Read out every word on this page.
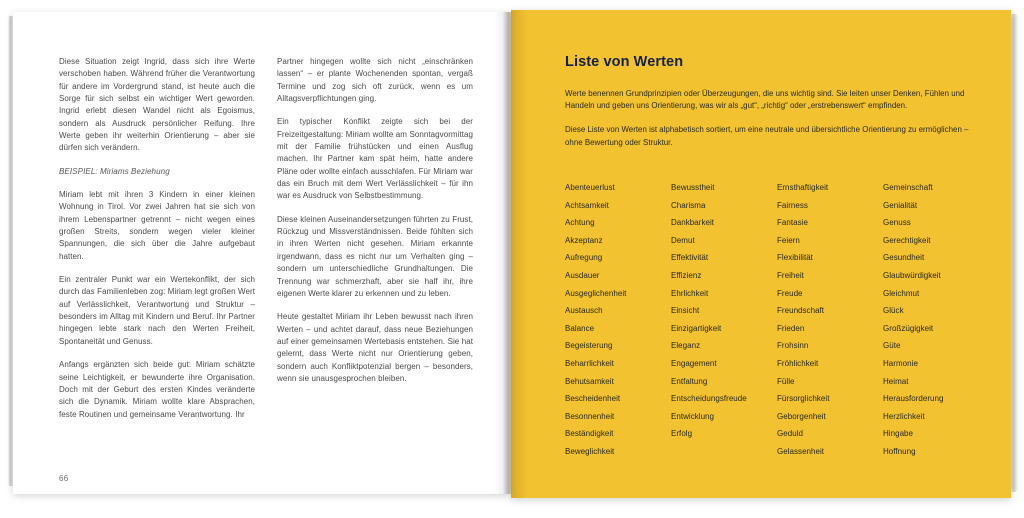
Diese Situation zeigt Ingrid, dass sich ihre Werte verschoben haben. Während früher die Verantwortung für andere im Vordergrund stand, ist heute auch die Sorge für sich selbst ein wichtiger Wert geworden. Ingrid erlebt diesen Wandel nicht als Egoismus, sondern als Ausdruck persönlicher Reifung. Ihre Werte geben ihr weiterhin Orientierung – aber sie dürfen sich verändern.

BEISPIEL: Miriams Beziehung

Miriam lebt mit ihren 3 Kindern in einer kleinen Wohnung in Tirol. Vor zwei Jahren hat sie sich von ihrem Lebenspartner getrennt – nicht wegen eines großen Streits, sondern wegen vieler kleiner Spannungen, die sich über die Jahre aufgebaut hatten.

Ein zentraler Punkt war ein Wertekonflikt, der sich durch das Familienleben zog: Miriam legt großen Wert auf Verlässlichkeit, Verantwortung und Struktur – besonders im Alltag mit Kindern und Beruf. Ihr Partner hingegen lebte stark nach den Werten Freiheit, Spontaneität und Genuss.

Anfangs ergänzten sich beide gut: Miriam schätzte seine Leichtigkeit, er bewunderte ihre Organisation. Doch mit der Geburt des ersten Kindes veränderte sich die Dynamik. Miriam wollte klare Absprachen, feste Routinen und gemeinsame Verantwortung. Ihr

Partner hingegen wollte sich nicht „einschränken lassen“ – er plante Wochenenden spontan, vergaß Termine und zog sich oft zurück, wenn es um Alltagsverpflichtungen ging.

Ein typischer Konflikt zeigte sich bei der Freizeitgestaltung: Miriam wollte am Sonntagvormittag mit der Familie frühstücken und einen Ausflug machen. Ihr Partner kam spät heim, hatte andere Pläne oder wollte einfach ausschlafen. Für Miriam war das ein Bruch mit dem Wert Verlässlichkeit – für ihn war es Ausdruck von Selbstbestimmung.

Diese kleinen Auseinandersetzungen führten zu Frust, Rückzug und Missverständnissen. Beide fühlten sich in ihren Werten nicht gesehen. Miriam erkannte irgendwann, dass es nicht nur um Verhalten ging – sondern um unterschiedliche Grundhaltungen. Die Trennung war schmerzhaft, aber sie half ihr, ihre eigenen Werte klarer zu erkennen und zu leben.

Heute gestaltet Miriam ihr Leben bewusst nach ihren Werten – und achtet darauf, dass neue Beziehungen auf einer gemeinsamen Wertebasis entstehen. Sie hat gelernt, dass Werte nicht nur Orientierung geben, sondern auch Konfliktpotenzial bergen – besonders, wenn sie unausgesprochen bleiben.

66
Liste von Werten

Werte benennen Grundprinzipien oder Überzeugungen, die uns wichtig sind. Sie leiten unser Denken, Fühlen und Handeln und geben uns Orientierung, was wir als „gut“, „richtig“ oder „erstrebenswert“ empfinden.

Diese Liste von Werten ist alphabetisch sortiert, um eine neutrale und übersichtliche Orientierung zu ermöglichen – ohne Bewertung oder Struktur.

Abenteuerlust
Achtsamkeit
Achtung
Akzeptanz
Aufregung
Ausdauer
Ausgeglichenheit
Austausch
Balance
Begeisterung
Beharrlichkeit
Behutsamkeit
Bescheidenheit
Besonnenheit
Beständigkeit
Beweglichkeit
Bewusstheit
Charisma
Dankbarkeit
Demut
Effektivität
Effizienz
Ehrlichkeit
Einsicht
Einzigartigkeit
Eleganz
Engagement
Entfaltung
Entscheidungsfreude
Entwicklung
Erfolg
Ernsthaftigkeit
Fairness
Fantasie
Feiern
Flexibilität
Freiheit
Freude
Freundschaft
Frieden
Frohsinn
Fröhlichkeit
Fülle
Fürsorglichkeit
Geborgenheit
Geduld
Gelassenheit
Gemeinschaft
Genialität
Genuss
Gerechtigkeit
Gesundheit
Glaubwürdigkeit
Gleichmut
Glück
Großzügigkeit
Güte
Harmonie
Heimat
Herausforderung
Herzlichkeit
Hingabe
Hoffnung
